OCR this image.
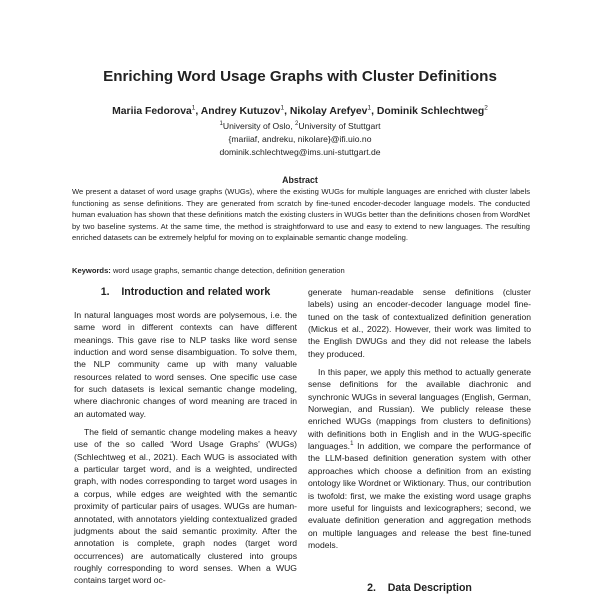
Enriching Word Usage Graphs with Cluster Definitions
Mariia Fedorova$^1$, Andrey Kutuzov$^1$, Nikolay Arefyev$^1$, Dominik Schlechtweg$^2$
$^1$University of Oslo, $^2$University of Stuttgart
{mariiaf, andreku, nikolare}@ifi.uio.no
dominik.schlechtweg@ims.uni-stuttgart.de
Abstract
We present a dataset of word usage graphs (WUGs), where the existing WUGs for multiple languages are enriched with cluster labels functioning as sense definitions. They are generated from scratch by fine-tuned encoder-decoder language models. The conducted human evaluation has shown that these definitions match the existing clusters in WUGs better than the definitions chosen from WordNet by two baseline systems. At the same time, the method is straightforward to use and easy to extend to new languages. The resulting enriched datasets can be extremely helpful for moving on to explainable semantic change modeling.
Keywords: word usage graphs, semantic change detection, definition generation
1.    Introduction and related work

In natural languages most words are polysemous, i.e. the same word in different contexts can have different meanings. This gave rise to NLP tasks like word sense induction and word sense disambiguation. To solve them, the NLP community came up with many valuable resources related to word senses. One specific use case for such datasets is lexical semantic change modeling, where diachronic changes of word meaning are traced in an automated way.

The field of semantic change modeling makes a heavy use of the so called ‘Word Usage Graphs’ (WUGs) (Schlechtweg et al., 2021). Each WUG is associated with a particular target word, and is a weighted, undirected graph, with nodes corresponding to target word usages in a corpus, while edges are weighted with the semantic proximity of particular pairs of usages. WUGs are human-annotated, with annotators yielding contextualized graded judgments about the said semantic proximity. After the annotation is complete, graph nodes (target word occurrences) are automatically clustered into groups roughly corresponding to word senses. When a WUG contains target word oc-

generate human-readable sense definitions (cluster labels) using an encoder-decoder language model fine-tuned on the task of contextualized definition generation (Mickus et al., 2022). However, their work was limited to the English DWUGs and they did not release the labels they produced.

In this paper, we apply this method to actually generate sense definitions for the available diachronic and synchronic WUGs in several languages (English, German, Norwegian, and Russian). We publicly release these enriched WUGs (mappings from clusters to definitions) with definitions both in English and in the WUG-specific languages.$^1$ In addition, we compare the performance of the LLM-based definition generation system with other approaches which choose a definition from an existing ontology like Wordnet or Wiktionary. Thus, our contribution is twofold: first, we make the existing word usage graphs more useful for linguists and lexicographers; second, we evaluate definition generation and aggregation methods on multiple languages and release the best fine-tuned models.

2.    Data Description
